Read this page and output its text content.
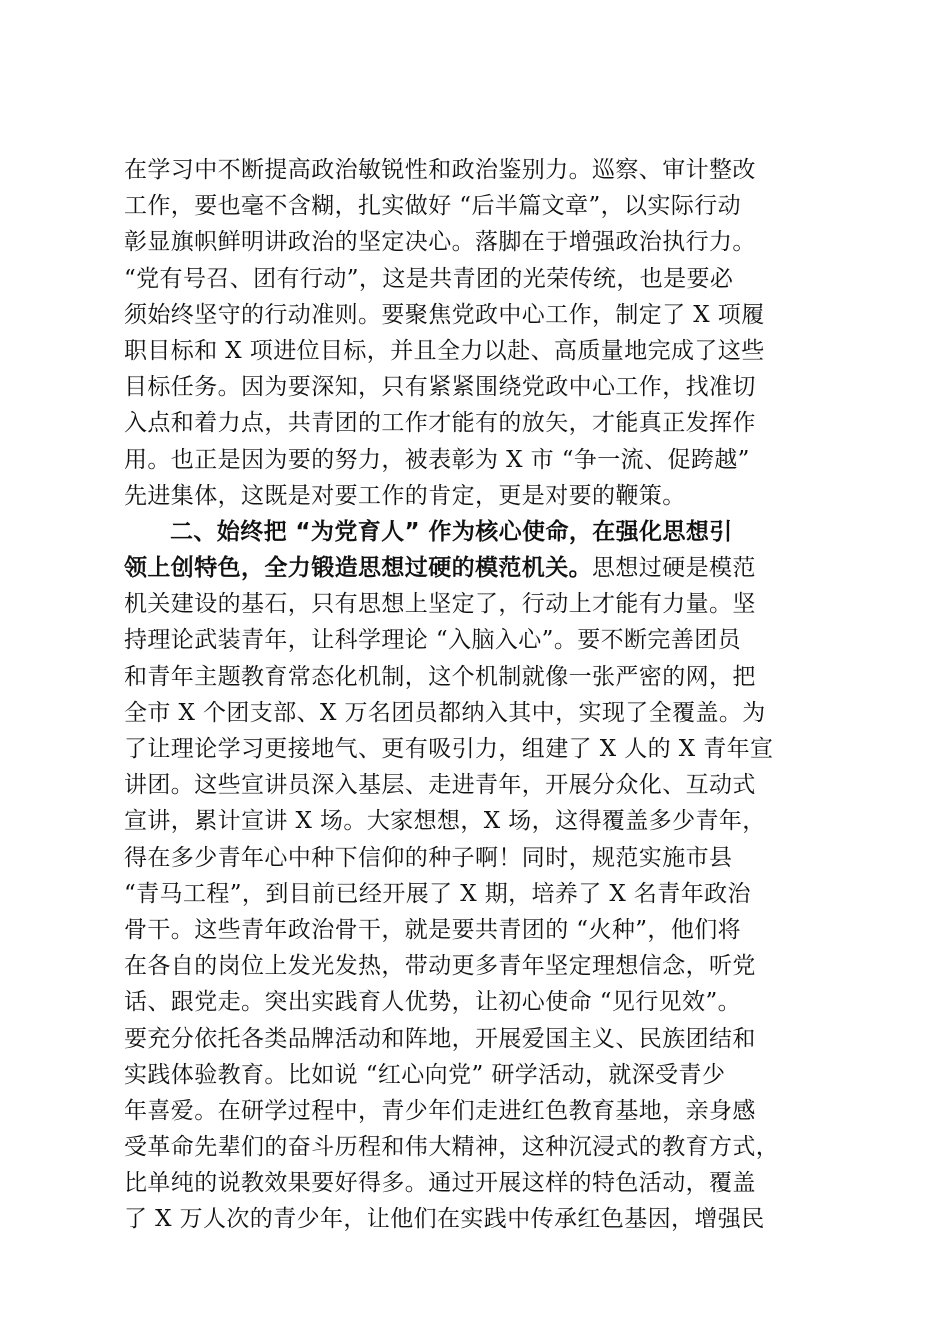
在学习中不断提高政治敏锐性和政治鉴别力。巡察、审计整改
工作，要也毫不含糊，扎实做好 “后半篇文章”，以实际行动
彰显旗帜鲜明讲政治的坚定决心。落脚在于增强政治执行力。
“党有号召、团有行动”，这是共青团的光荣传统，也是要必
须始终坚守的行动准则。要聚焦党政中心工作，制定了 X 项履
职目标和 X 项进位目标，并且全力以赴、高质量地完成了这些
目标任务。因为要深知，只有紧紧围绕党政中心工作，找准切
入点和着力点，共青团的工作才能有的放矢，才能真正发挥作
用。也正是因为要的努力，被表彰为 X 市 “争一流、促跨越”
先进集体，这既是对要工作的肯定，更是对要的鞭策。
二、始终把 “为党育人” 作为核心使命，在强化思想引
领上创特色，全力锻造思想过硬的模范机关。思想过硬是模范
机关建设的基石，只有思想上坚定了，行动上才能有力量。坚
持理论武装青年，让科学理论 “入脑入心”。要不断完善团员
和青年主题教育常态化机制，这个机制就像一张严密的网，把
全市 X 个团支部、X 万名团员都纳入其中，实现了全覆盖。为
了让理论学习更接地气、更有吸引力，组建了 X 人的 X 青年宣
讲团。这些宣讲员深入基层、走进青年，开展分众化、互动式
宣讲，累计宣讲 X 场。大家想想，X 场，这得覆盖多少青年，
得在多少青年心中种下信仰的种子啊！同时，规范实施市县
“青马工程”，到目前已经开展了 X 期，培养了 X 名青年政治
骨干。这些青年政治骨干，就是要共青团的 “火种”，他们将
在各自的岗位上发光发热，带动更多青年坚定理想信念，听党
话、跟党走。突出实践育人优势，让初心使命 “见行见效”。
要充分依托各类品牌活动和阵地，开展爱国主义、民族团结和
实践体验教育。比如说 “红心向党” 研学活动，就深受青少
年喜爱。在研学过程中，青少年们走进红色教育基地，亲身感
受革命先辈们的奋斗历程和伟大精神，这种沉浸式的教育方式，
比单纯的说教效果要好得多。通过开展这样的特色活动，覆盖
了 X 万人次的青少年，让他们在实践中传承红色基因，增强民
